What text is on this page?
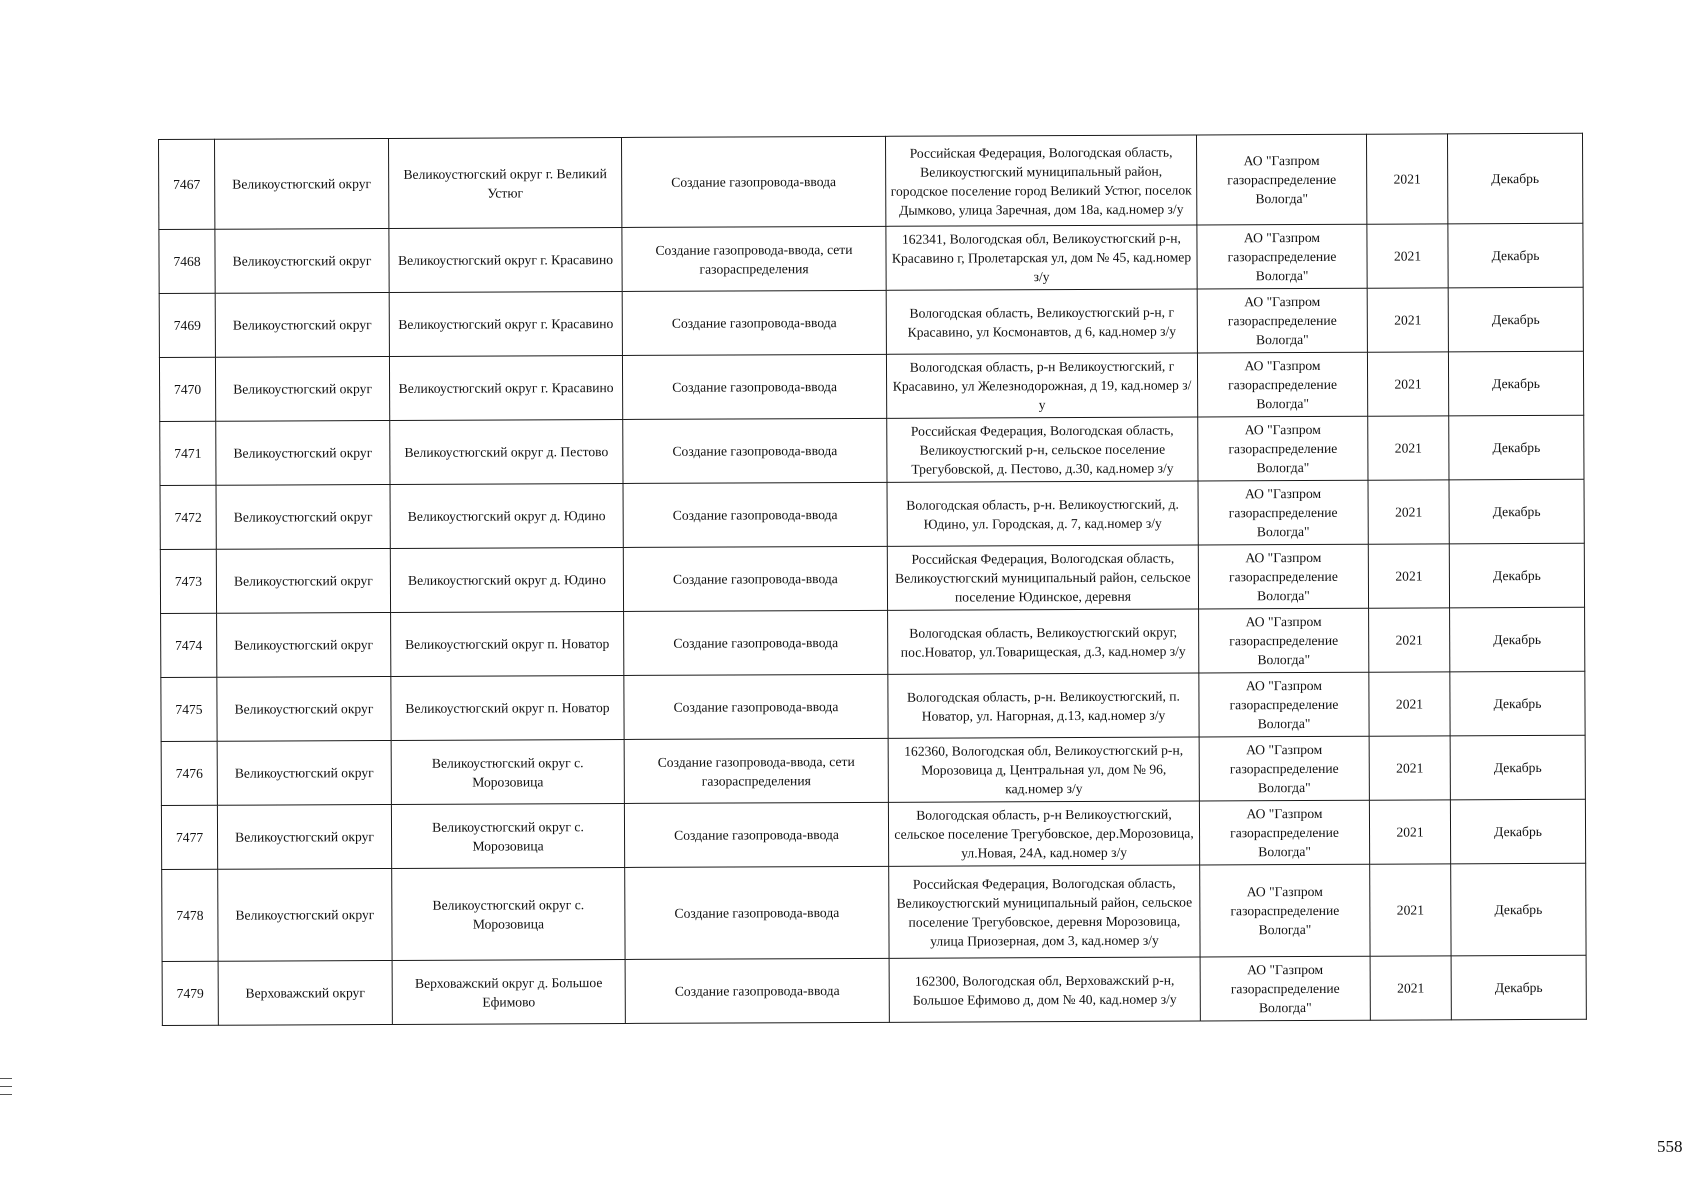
7467	Великоустюгский округ	Великоустюгский округ г. Великий Устюг	Создание газопровода-ввода	Российская Федерация, Вологодская область, Великоустюгский муниципальный район, городское поселение город Великий Устюг, поселок Дымково, улица Заречная, дом 18а, кад.номер з/у	АО "Газпром газораспределение Вологда"	2021	Декабрь
7468	Великоустюгский округ	Великоустюгский округ г. Красавино	Создание газопровода-ввода, сети газораспределения	162341, Вологодская обл, Великоустюгский р-н, Красавино г, Пролетарская ул, дом № 45, кад.номер з/у	АО "Газпром газораспределение Вологда"	2021	Декабрь
7469	Великоустюгский округ	Великоустюгский округ г. Красавино	Создание газопровода-ввода	Вологодская область, Великоустюгский р-н, г Красавино, ул Космонавтов, д 6, кад.номер з/у	АО "Газпром газораспределение Вологда"	2021	Декабрь
7470	Великоустюгский округ	Великоустюгский округ г. Красавино	Создание газопровода-ввода	Вологодская область, р-н Великоустюгский, г Красавино, ул Железнодорожная, д 19, кад.номер з/у	АО "Газпром газораспределение Вологда"	2021	Декабрь
7471	Великоустюгский округ	Великоустюгский округ д. Пестово	Создание газопровода-ввода	Российская Федерация, Вологодская область, Великоустюгский р-н, сельское поселение Трегубовской, д. Пестово, д.30, кад.номер з/у	АО "Газпром газораспределение Вологда"	2021	Декабрь
7472	Великоустюгский округ	Великоустюгский округ д. Юдино	Создание газопровода-ввода	Вологодская область, р-н. Великоустюгский, д. Юдино, ул. Городская, д. 7, кад.номер з/у	АО "Газпром газораспределение Вологда"	2021	Декабрь
7473	Великоустюгский округ	Великоустюгский округ д. Юдино	Создание газопровода-ввода	Российская Федерация, Вологодская область, Великоустюгский муниципальный район, сельское поселение Юдинское, деревня	АО "Газпром газораспределение Вологда"	2021	Декабрь
7474	Великоустюгский округ	Великоустюгский округ п. Новатор	Создание газопровода-ввода	Вологодская область, Великоустюгский округ, пос.Новатор, ул.Товарищеская, д.3, кад.номер з/у	АО "Газпром газораспределение Вологда"	2021	Декабрь
7475	Великоустюгский округ	Великоустюгский округ п. Новатор	Создание газопровода-ввода	Вологодская область, р-н. Великоустюгский, п. Новатор, ул. Нагорная, д.13, кад.номер з/у	АО "Газпром газораспределение Вологда"	2021	Декабрь
7476	Великоустюгский округ	Великоустюгский округ с. Морозовица	Создание газопровода-ввода, сети газораспределения	162360, Вологодская обл, Великоустюгский р-н, Морозовица д, Центральная ул, дом № 96, кад.номер з/у	АО "Газпром газораспределение Вологда"	2021	Декабрь
7477	Великоустюгский округ	Великоустюгский округ с. Морозовица	Создание газопровода-ввода	Вологодская область, р-н Великоустюгский, сельское поселение Трегубовское, дер.Морозовица, ул.Новая, 24А, кад.номер з/у	АО "Газпром газораспределение Вологда"	2021	Декабрь
7478	Великоустюгский округ	Великоустюгский округ с. Морозовица	Создание газопровода-ввода	Российская Федерация, Вологодская область, Великоустюгский муниципальный район, сельское поселение Трегубовское, деревня Морозовица, улица Приозерная, дом 3, кад.номер з/у	АО "Газпром газораспределение Вологда"	2021	Декабрь
7479	Верховажский округ	Верховажский округ д. Большое Ефимово	Создание газопровода-ввода	162300, Вологодская обл, Верховажский р-н, Большое Ефимово д, дом № 40, кад.номер з/у	АО "Газпром газораспределение Вологда"	2021	Декабрь
558
